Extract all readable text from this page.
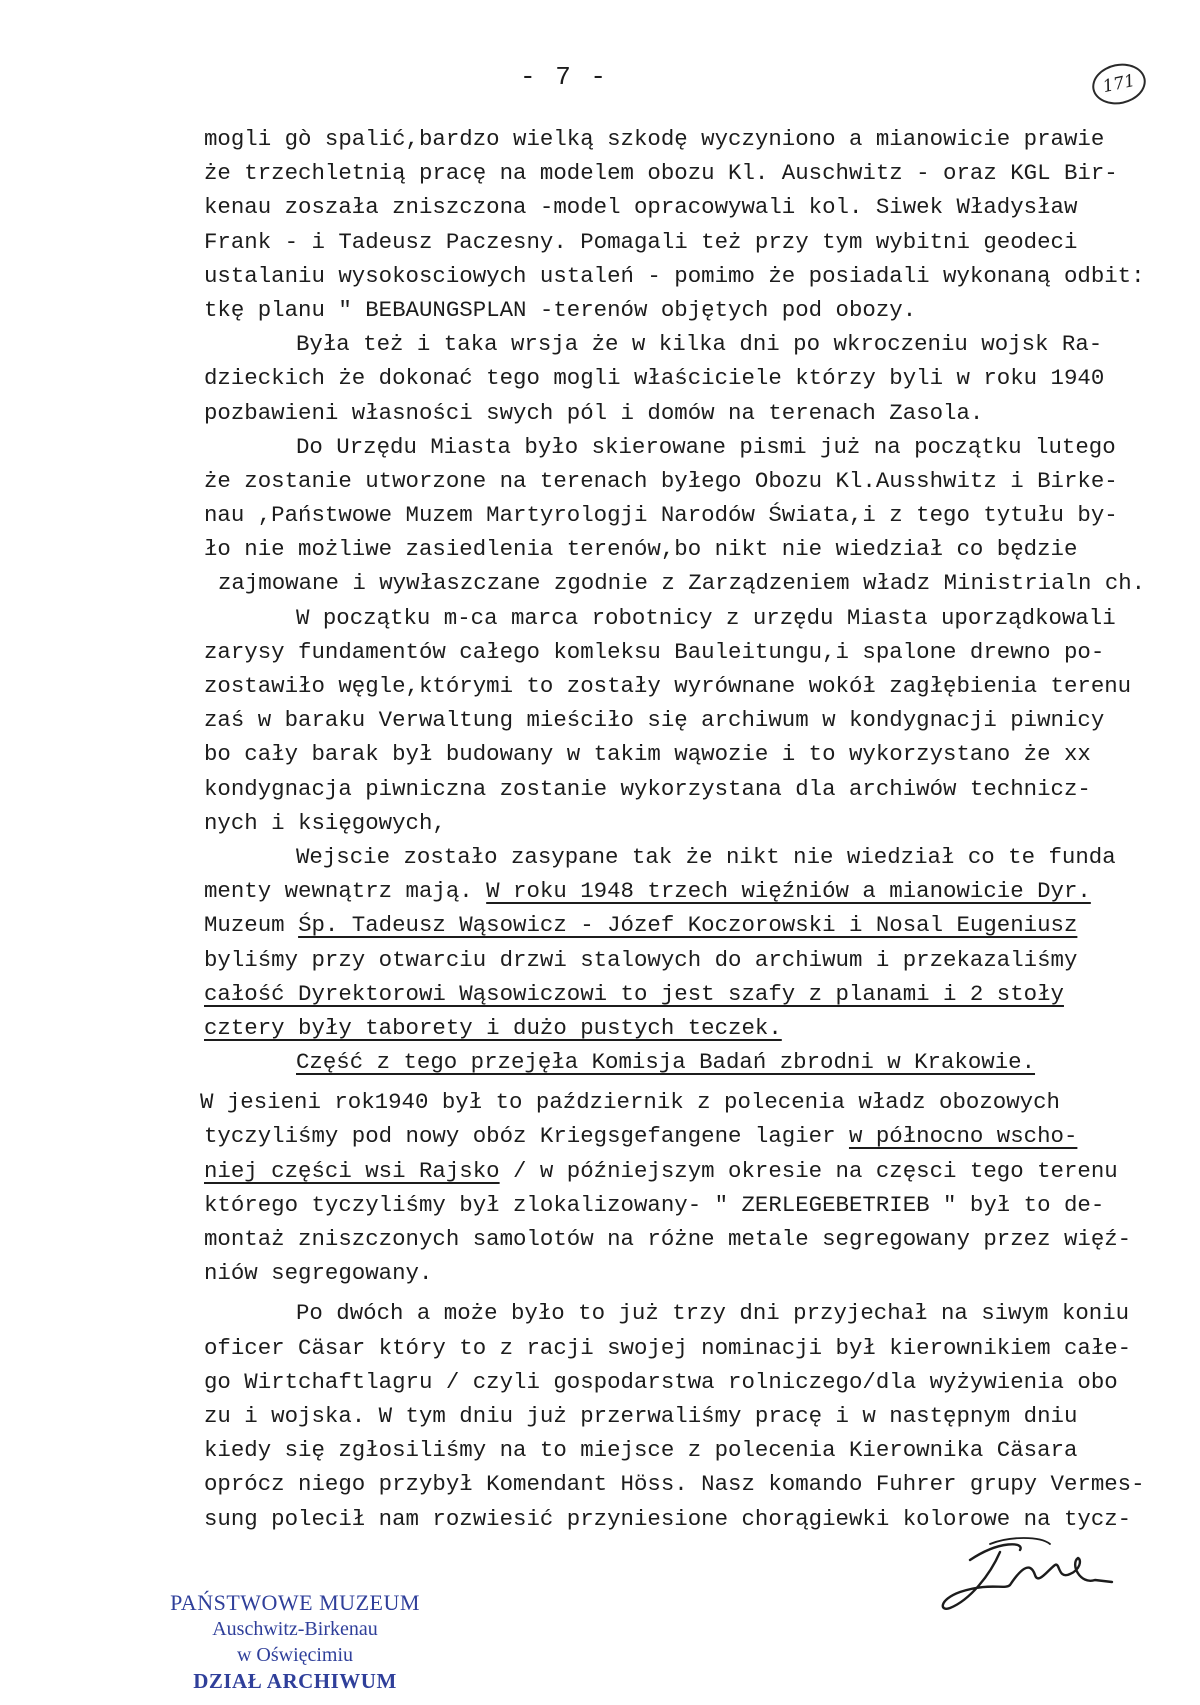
- 7 -	171
mogli gò spalić,bardzo wielką szkodę wyczyniono a mianowicie prawie
że trzechletnią pracę na modelem obozu Kl. Auschwitz - oraz KGL Bir-
kenau zoszała zniszczona -model opracowywali kol. Siwek Władysław
Frank - i Tadeusz Paczesny. Pomagali też przy tym wybitni geodeci
ustalaniu wysokosciowych ustaleń - pomimo że posiadali wykonaną odbit:
tkę planu " BEBAUNGSPLAN -terenów objętych pod obozy.
Była też i taka wrsja że w kilka dni po wkroczeniu wojsk Ra-
dzieckich że dokonać tego mogli właściciele którzy byli w roku 1940
pozbawieni własności swych pól i domów na terenach Zasola.
Do Urzędu Miasta było skierowane pismi już na początku lutego
że zostanie utworzone na terenach byłego Obozu Kl.Ausshwitz i Birke-
nau ,Państwowe Muzem Martyrologji Narodów Świata,i z tego tytułu by-
ło nie możliwe zasiedlenia terenów,bo nikt nie wiedział co będzie
zajmowane i wywłaszczane zgodnie z Zarządzeniem władz Ministrialn ch.
W początku m-ca marca robotnicy z urzędu Miasta uporządkowali
zarysy fundamentów całego komleksu Bauleitungu,i spalone drewno po-
zostawiło węgle,którymi to zostały wyrównane wokół zagłębienia terenu
zaś w baraku Verwaltung mieściło się archiwum w kondygnacji piwnicy
bo cały barak był budowany w takim wąwozie i to wykorzystano że xx
kondygnacja piwniczna zostanie wykorzystana dla archiwów technicz-
nych i księgowych,
Wejscie zostało zasypane tak że nikt nie wiedział co te funda
menty wewnątrz mają. W roku 1948 trzech więźniów a mianowicie Dyr.
Muzeum Śp. Tadeusz Wąsowicz - Józef Koczorowski i Nosal Eugeniusz
byliśmy przy otwarciu drzwi stalowych do archiwum i przekazaliśmy
całość Dyrektorowi Wąsowiczowi to jest szafy z planami i 2 stoły
cztery były taborety i dużo pustych teczek.
Część z tego przejęła Komisja Badań zbrodni w Krakowie.
W jesieni rok1940 był to październik z polecenia władz obozowych
tyczyliśmy pod nowy obóz Kriegsgefangene lagier w północno wscho-
niej części wsi Rajsko / w późniejszym okresie na częsci tego terenu
którego tyczyliśmy był zlokalizowany- " ZERLEGEBETRIEB " był to de-
montaż zniszczonych samolotów na różne metale segregowany przez więź-
niów segregowany.
Po dwóch a może było to już trzy dni przyjechał na siwym koniu
oficer Cäsar który to z racji swojej nominacji był kierownikiem całe-
go Wirtchaftlagru / czyli gospodarstwa rolniczego/dla wyżywienia obo
zu i wojska. W tym dniu już przerwaliśmy pracę i w następnym dniu
kiedy się zgłosiliśmy na to miejsce z polecenia Kierownika Cäsara
oprócz niego przybył Komendant Höss. Nasz komando Fuhrer grupy Vermes-
sung polecił nam rozwiesić przyniesione chorągiewki kolorowe na tycz-
PAŃSTWOWE MUZEUM
Auschwitz-Birkenau
w Oświęcimiu
DZIAŁ ARCHIWUM
